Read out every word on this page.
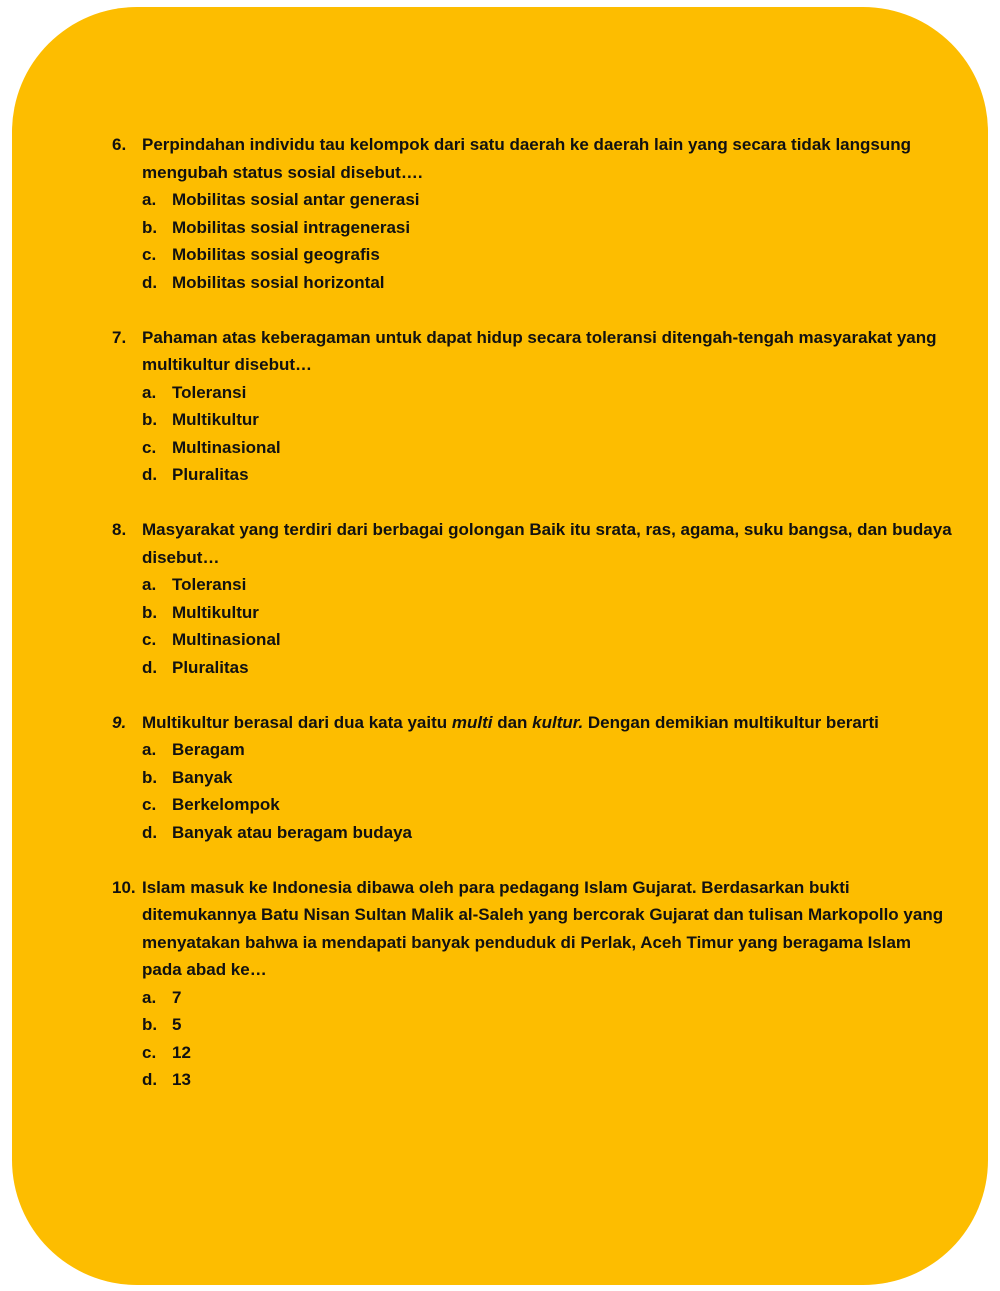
6. Perpindahan individu tau kelompok dari satu daerah ke daerah lain yang secara tidak langsung mengubah status sosial disebut….
a. Mobilitas sosial antar generasi
b. Mobilitas sosial intragenerasi
c. Mobilitas sosial geografis
d. Mobilitas sosial horizontal
7. Pahaman atas keberagaman untuk dapat hidup secara toleransi ditengah-tengah masyarakat yang multikultur disebut…
a. Toleransi
b. Multikultur
c. Multinasional
d. Pluralitas
8. Masyarakat yang terdiri dari berbagai golongan Baik itu srata, ras, agama, suku bangsa, dan budaya disebut…
a. Toleransi
b. Multikultur
c. Multinasional
d. Pluralitas
9. Multikultur berasal dari dua kata yaitu multi dan kultur. Dengan demikian multikultur berarti
a. Beragam
b. Banyak
c. Berkelompok
d. Banyak atau beragam budaya
10. Islam masuk ke Indonesia dibawa oleh para pedagang Islam Gujarat. Berdasarkan bukti ditemukannya Batu Nisan Sultan Malik al-Saleh yang bercorak Gujarat dan tulisan Markopollo yang menyatakan bahwa ia mendapati banyak penduduk di Perlak, Aceh Timur yang beragama Islam pada abad ke…
a. 7
b. 5
c. 12
d. 13
